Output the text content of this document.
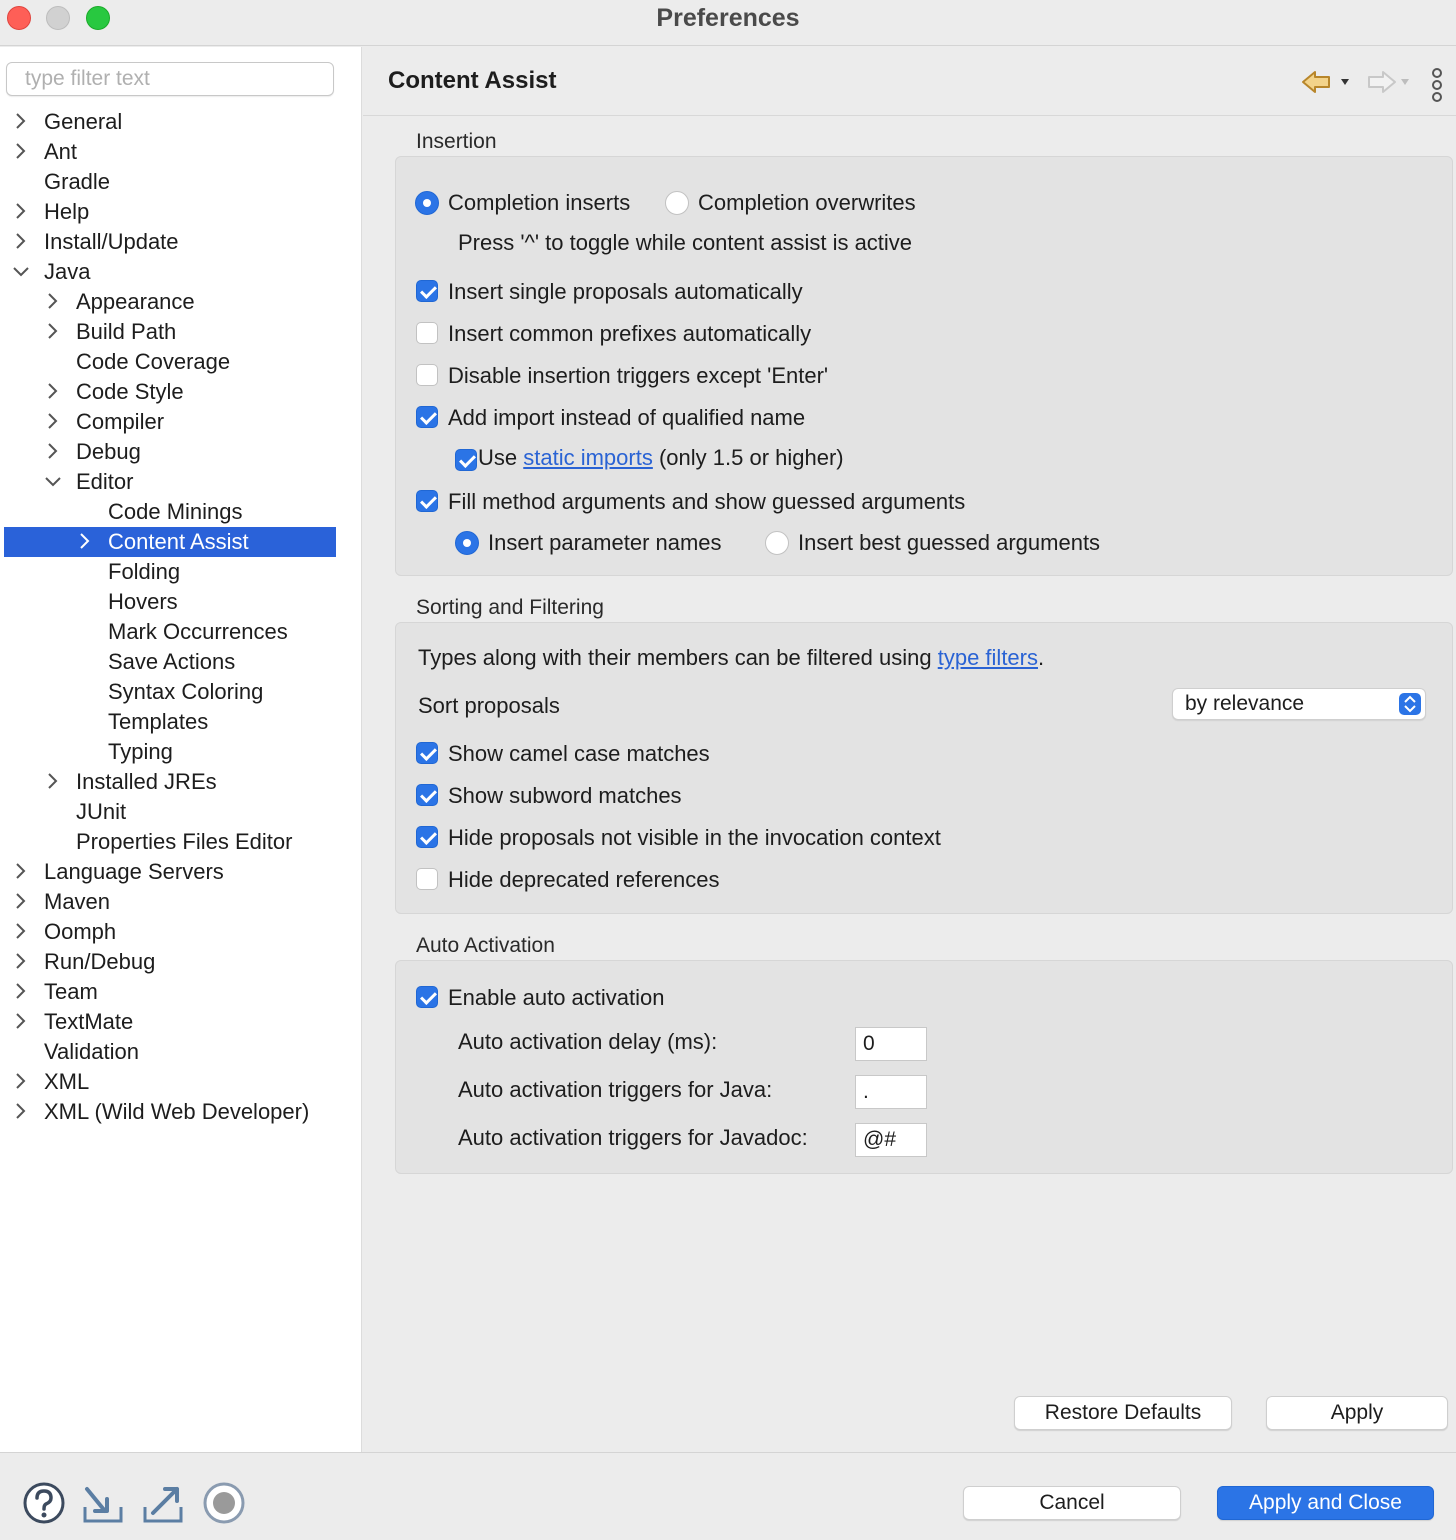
Preferences
type filter text
General
Ant
Gradle
Help
Install/Update
Java
Appearance
Build Path
Code Coverage
Code Style
Compiler
Debug
Editor
Code Minings
Content Assist
Folding
Hovers
Mark Occurrences
Save Actions
Syntax Coloring
Templates
Typing
Installed JREs
JUnit
Properties Files Editor
Language Servers
Maven
Oomph
Run/Debug
Team
TextMate
Validation
XML
XML (Wild Web Developer)
Content Assist
Insertion
Completion inserts	Completion overwrites
Press '^' to toggle while content assist is active
Insert single proposals automatically
Insert common prefixes automatically
Disable insertion triggers except 'Enter'
Add import instead of qualified name
Use static imports (only 1.5 or higher)
Fill method arguments and show guessed arguments
Insert parameter names	Insert best guessed arguments
Sorting and Filtering
Types along with their members can be filtered using type filters.
Sort proposals	by relevance
Show camel case matches
Show subword matches
Hide proposals not visible in the invocation context
Hide deprecated references
Auto Activation
Enable auto activation
Auto activation delay (ms):
0
Auto activation triggers for Java:
.
Auto activation triggers for Javadoc:
@#
Restore Defaults	Apply
Cancel	Apply and Close
